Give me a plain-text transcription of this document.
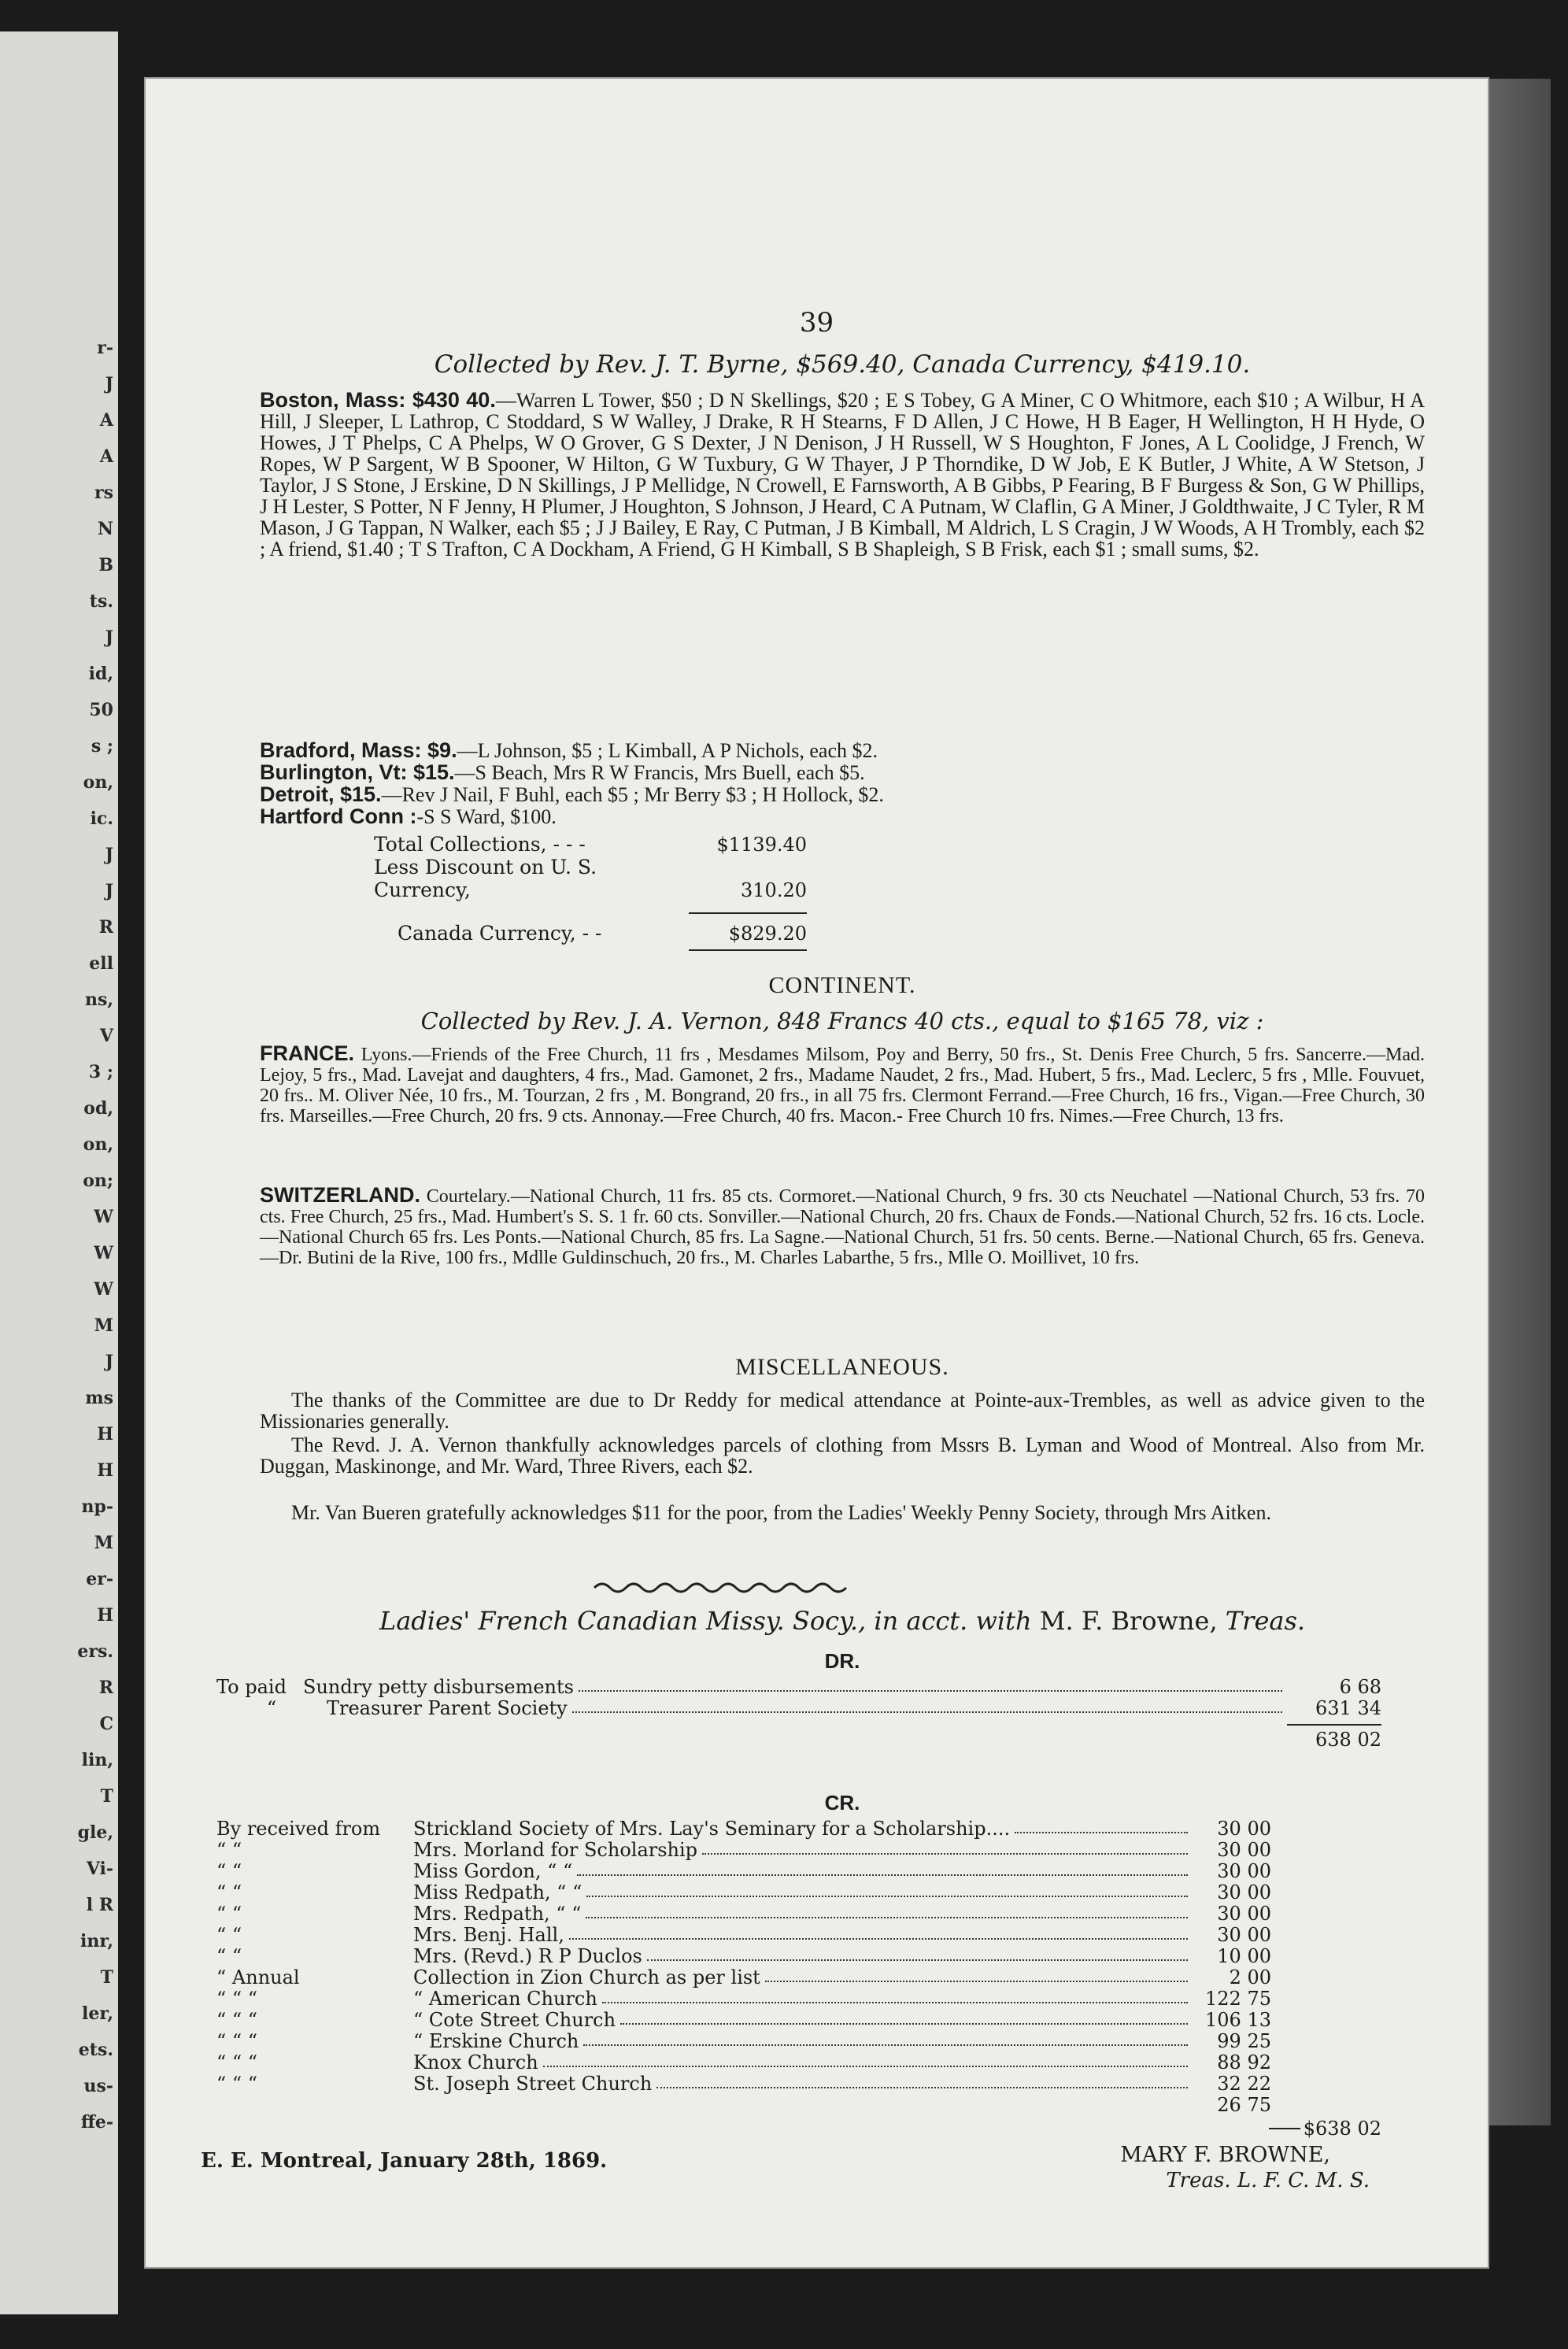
r-
J
A
A
rs
N
B
ts.
J
id,
50
s ;
on,
ic.
J
J
R
ell
ns,
V
3 ;
od,
on,
on;
W
W
W
M
J
ms
H
H
np-
M
er-
H
ers.
R
C
lin,
T
gle,
Vi-
l R
inr,
T
ler,
ets.
us-
ffe-
39
Collected by Rev. J. T. Byrne, $569.40, Canada Currency, $419.10.
Boston, Mass: $430 40.—Warren L Tower, $50 ; D N Skellings, $20 ; E S Tobey, G A Miner, C O Whitmore, each $10 ; A Wilbur, H A Hill, J Sleeper, L Lathrop, C Stoddard, S W Walley, J Drake, R H Stearns, F D Allen, J C Howe, H B Eager, H Wellington, H H Hyde, O Howes, J T Phelps, C A Phelps, W O Grover, G S Dexter, J N Denison, J H Russell, W S Houghton, F Jones, A L Coolidge, J French, W Ropes, W P Sargent, W B Spooner, W Hilton, G W Tuxbury, G W Thayer, J P Thorndike, D W Job, E K Butler, J White, A W Stetson, J Taylor, J S Stone, J Erskine, D N Skillings, J P Mellidge, N Crowell, E Farnsworth, A B Gibbs, P Fearing, B F Burgess & Son, G W Phillips, J H Lester, S Potter, N F Jenny, H Plumer, J Houghton, S Johnson, J Heard, C A Putnam, W Claflin, G A Miner, J Goldthwaite, J C Tyler, R M Mason, J G Tappan, N Walker, each $5 ; J J Bailey, E Ray, C Putman, J B Kimball, M Aldrich, L S Cragin, J W Woods, A H Trombly, each $2 ; A friend, $1.40 ; T S Trafton, C A Dockham, A Friend, G H Kimball, S B Shapleigh, S B Frisk, each $1 ; small sums, $2.
Bradford, Mass: $9.—L Johnson, $5 ; L Kimball, A P Nichols, each $2.
Burlington, Vt: $15.—S Beach, Mrs R W Francis, Mrs Buell, each $5.
Detroit, $15.—Rev J Nail, F Buhl, each $5 ; Mr Berry $3 ; H Hollock, $2.
Hartford Conn :-S S Ward, $100.
Total Collections, - - -	$1139.40
Less Discount on U. S. Currency,	310.20
Canada Currency, - -	$829.20
CONTINENT.
Collected by Rev. J. A. Vernon, 848 Francs 40 cts., equal to $165 78, viz :
FRANCE. Lyons.—Friends of the Free Church, 11 frs , Mesdames Milsom, Poy and Berry, 50 frs., St. Denis Free Church, 5 frs. Sancerre.—Mad. Lejoy, 5 frs., Mad. Lavejat and daughters, 4 frs., Mad. Gamonet, 2 frs., Madame Naudet, 2 frs., Mad. Hubert, 5 frs., Mad. Leclerc, 5 frs , Mlle. Fouvuet, 20 frs.. M. Oliver Née, 10 frs., M. Tourzan, 2 frs , M. Bongrand, 20 frs., in all 75 frs. Clermont Ferrand.—Free Church, 16 frs., Vigan.—Free Church, 30 frs. Marseilles.—Free Church, 20 frs. 9 cts. Annonay.—Free Church, 40 frs. Macon.- Free Church 10 frs. Nimes.—Free Church, 13 frs.
SWITZERLAND. Courtelary.—National Church, 11 frs. 85 cts. Cormoret.—National Church, 9 frs. 30 cts Neuchatel —National Church, 53 frs. 70 cts. Free Church, 25 frs., Mad. Humbert's S. S. 1 fr. 60 cts. Sonviller.—National Church, 20 frs. Chaux de Fonds.—National Church, 52 frs. 16 cts. Locle.—National Church 65 frs. Les Ponts.—National Church, 85 frs. La Sagne.—National Church, 51 frs. 50 cents. Berne.—National Church, 65 frs. Geneva.—Dr. Butini de la Rive, 100 frs., Mdlle Guldinschuch, 20 frs., M. Charles Labarthe, 5 frs., Mlle O. Moillivet, 10 frs.
MISCELLANEOUS.
The thanks of the Committee are due to Dr Reddy for medical attendance at Pointe-aux-Trembles, as well as advice given to the Missionaries generally.
The Revd. J. A. Vernon thankfully acknowledges parcels of clothing from Mssrs B. Lyman and Wood of Montreal. Also from Mr. Duggan, Maskinonge, and Mr. Ward, Three Rivers, each $2.
Mr. Van Bueren gratefully acknowledges $11 for the poor, from the Ladies' Weekly Penny Society, through Mrs Aitken.
Ladies' French Canadian Missy. Socy., in acct. with M. F. Browne, Treas.
DR.
To paid Sundry petty disbursements	6 68
“	Treasurer Parent Society	631 34
638 02
CR.
By received from	Strickland Society of Mrs. Lay's Seminary for a Scholarship....	30 00
“ “	Mrs. Morland for Scholarship	30 00
“ “	Miss Gordon, “ “	30 00
“ “	Miss Redpath, “ “	30 00
“ “	Mrs. Redpath, “ “	30 00
“ “	Mrs. Benj. Hall,	30 00
“ “	Mrs. (Revd.) R P Duclos	10 00
“ Annual	Collection in Zion Church as per list	2 00
“ “ “	“ American Church	122 75
“ “ “	“ Cote Street Church	106 13
“ “ “	“ Erskine Church	99 25
“ “ “	Knox Church	88 92
“ “ “	St. Joseph Street Church	32 22
26 75
$638 02
E. E. Montreal, January 28th, 1869.	MARY F. BROWNE,
Treas. L. F. C. M. S.
